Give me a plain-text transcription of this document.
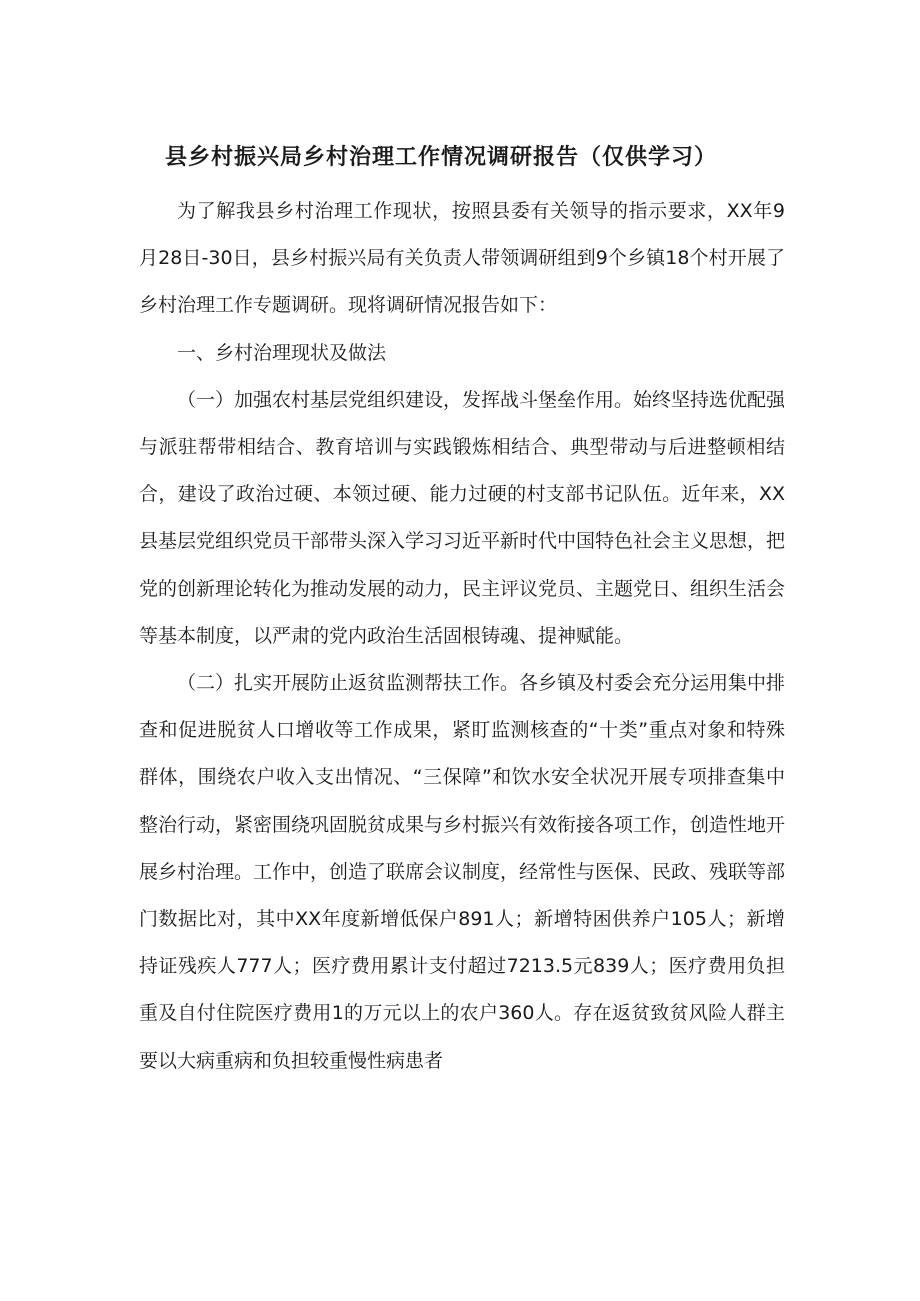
县乡村振兴局乡村治理工作情况调研报告（仅供学习）

为了解我县乡村治理工作现状，按照县委有关领导的指示要求，XX年9月28日-30日，县乡村振兴局有关负责人带领调研组到9个乡镇18个村开展了乡村治理工作专题调研。现将调研情况报告如下：

一、乡村治理现状及做法

（一）加强农村基层党组织建设，发挥战斗堡垒作用。始终坚持选优配强与派驻帮带相结合、教育培训与实践锻炼相结合、典型带动与后进整顿相结合，建设了政治过硬、本领过硬、能力过硬的村支部书记队伍。近年来，XX县基层党组织党员干部带头深入学习习近平新时代中国特色社会主义思想，把党的创新理论转化为推动发展的动力，民主评议党员、主题党日、组织生活会等基本制度，以严肃的党内政治生活固根铸魂、提神赋能。

（二）扎实开展防止返贫监测帮扶工作。各乡镇及村委会充分运用集中排查和促进脱贫人口增收等工作成果，紧盯监测核查的“十类”重点对象和特殊群体，围绕农户收入支出情况、“三保障”和饮水安全状况开展专项排查集中整治行动，紧密围绕巩固脱贫成果与乡村振兴有效衔接各项工作，创造性地开展乡村治理。工作中，创造了联席会议制度，经常性与医保、民政、残联等部门数据比对，其中XX年度新增低保户891人；新增特困供养户105人；新增持证残疾人777人；医疗费用累计支付超过7213.5元839人；医疗费用负担重及自付住院医疗费用1的万元以上的农户360人。存在返贫致贫风险人群主要以大病重病和负担较重慢性病患者
